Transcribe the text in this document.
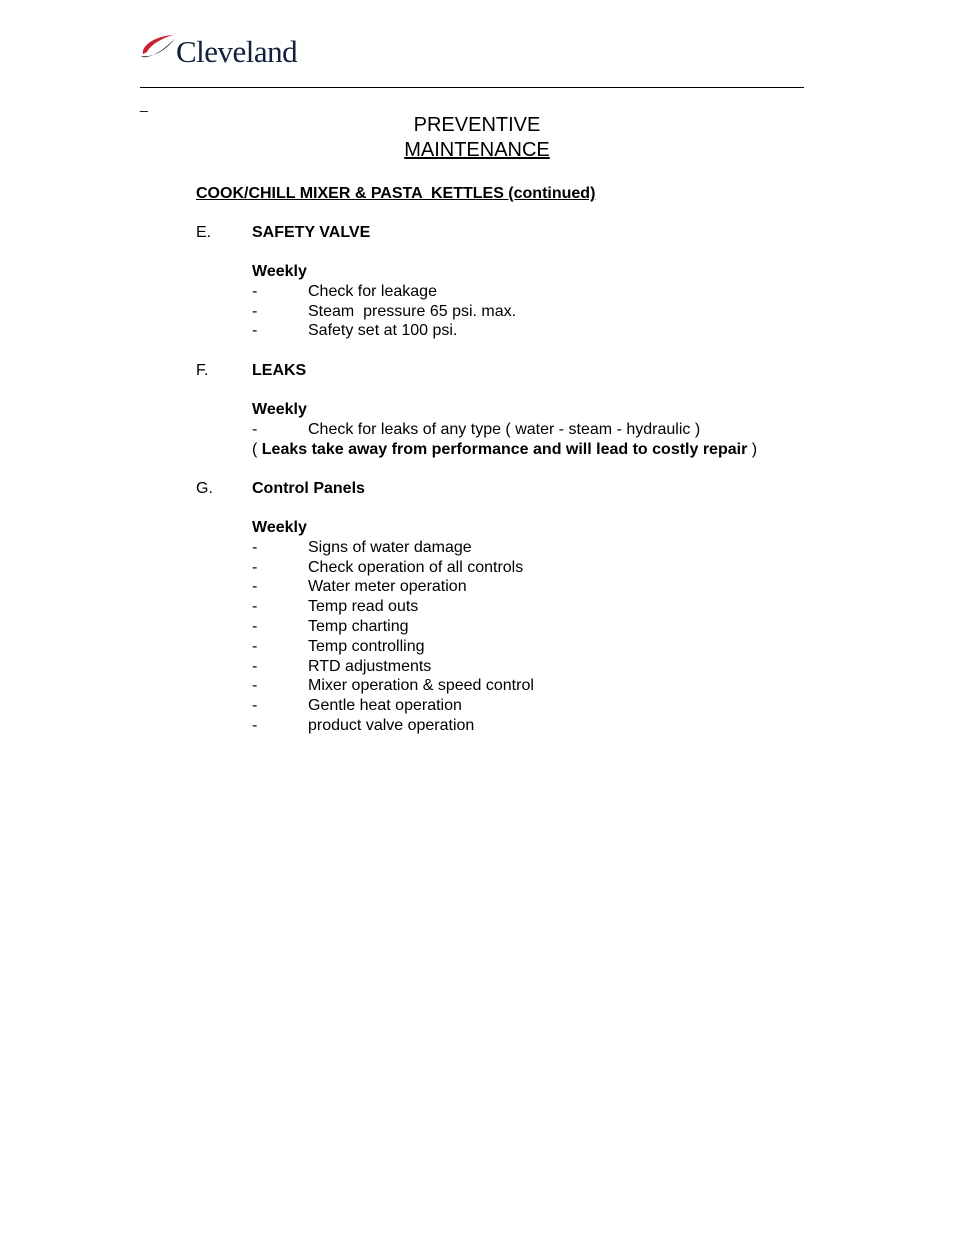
Cleveland
_
PREVENTIVE
MAINTENANCE
COOK/CHILL MIXER & PASTA  KETTLES (continued)
E.	SAFETY VALVE
Weekly
-	Check for leakage
-	Steam  pressure 65 psi. max.
-	Safety set at 100 psi.
F.	LEAKS
Weekly
-	Check for leaks of any type ( water - steam - hydraulic )
( Leaks take away from performance and will lead to costly repair )
G. Control Panels
Weekly
-	Signs of water damage
-	Check operation of all controls
-	Water meter operation
-	Temp read outs
-	Temp charting
-	Temp controlling
-	RTD adjustments
-	Mixer operation & speed control
-	Gentle heat operation
-	product valve operation
